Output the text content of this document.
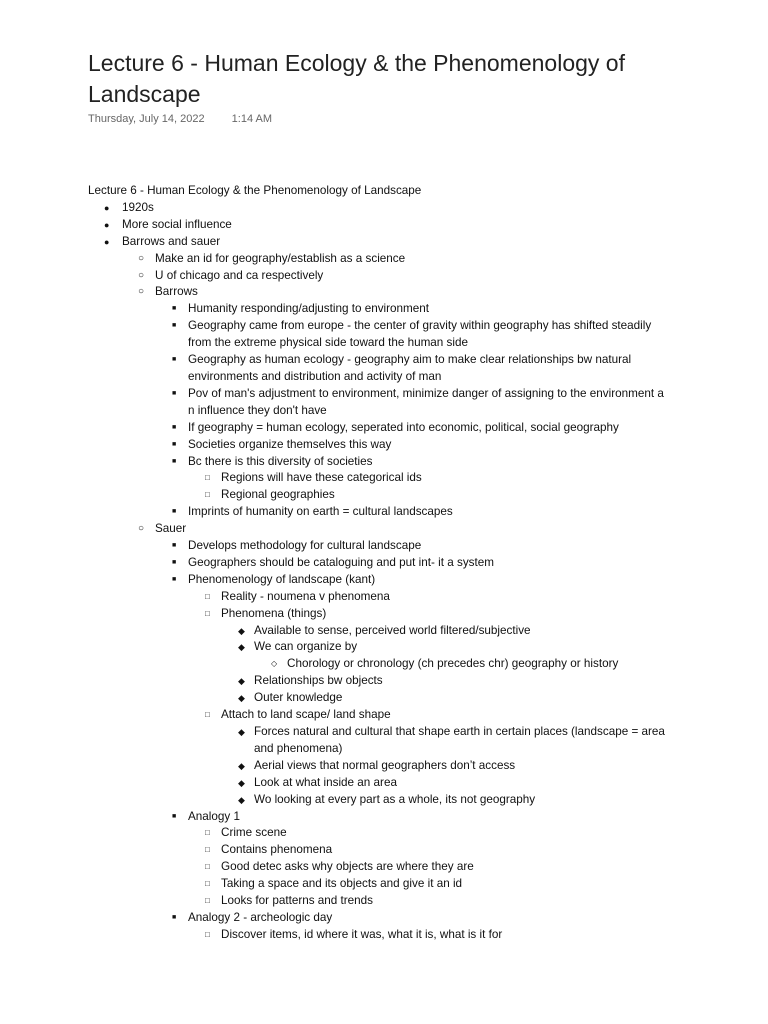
Lecture 6 - Human Ecology & the Phenomenology of Landscape
Thursday, July 14, 2022 1:14 AM
Lecture 6 - Human Ecology & the Phenomenology of Landscape
● 1920s
● More social influence
● Barrows and sauer
○ Make an id for geography/establish as a science
○ U of chicago and ca respectively
○ Barrows
■ Humanity responding/adjusting to environment
■ Geography came from europe - the center of gravity within geography has shifted steadily from the extreme physical side toward the human side
■ Geography as human ecology - geography aim to make clear relationships bw natural environments and distribution and activity of man
■ Pov of man's adjustment to environment, minimize danger of assigning to the environment a n influence they don't have
■ If geography = human ecology, seperated into economic, political, social geography
■ Societies organize themselves this way
■ Bc there is this diversity of societies
□ Regions will have these categorical ids
□ Regional geographies
■ Imprints of humanity on earth = cultural landscapes
○ Sauer
■ Develops methodology for cultural landscape
■ Geographers should be cataloguing and put int- it a system
■ Phenomenology of landscape (kant)
□ Reality - noumena v phenomena
□ Phenomena (things)
◆ Available to sense, perceived world filtered/subjective
◆ We can organize by
◇ Chorology or chronology (ch precedes chr) geography or history
◆ Relationships bw objects
◆ Outer knowledge
□ Attach to land scape/ land shape
◆ Forces natural and cultural that shape earth in certain places (landscape = area and phenomena)
◆ Aerial views that normal geographers don’t access
◆ Look at what inside an area
◆ Wo looking at every part as a whole, its not geography
■ Analogy 1
□ Crime scene
□ Contains phenomena
□ Good detec asks why objects are where they are
□ Taking a space and its objects and give it an id
□ Looks for patterns and trends
■ Analogy 2 - archeologic day
□ Discover items, id where it was, what it is, what is it for
